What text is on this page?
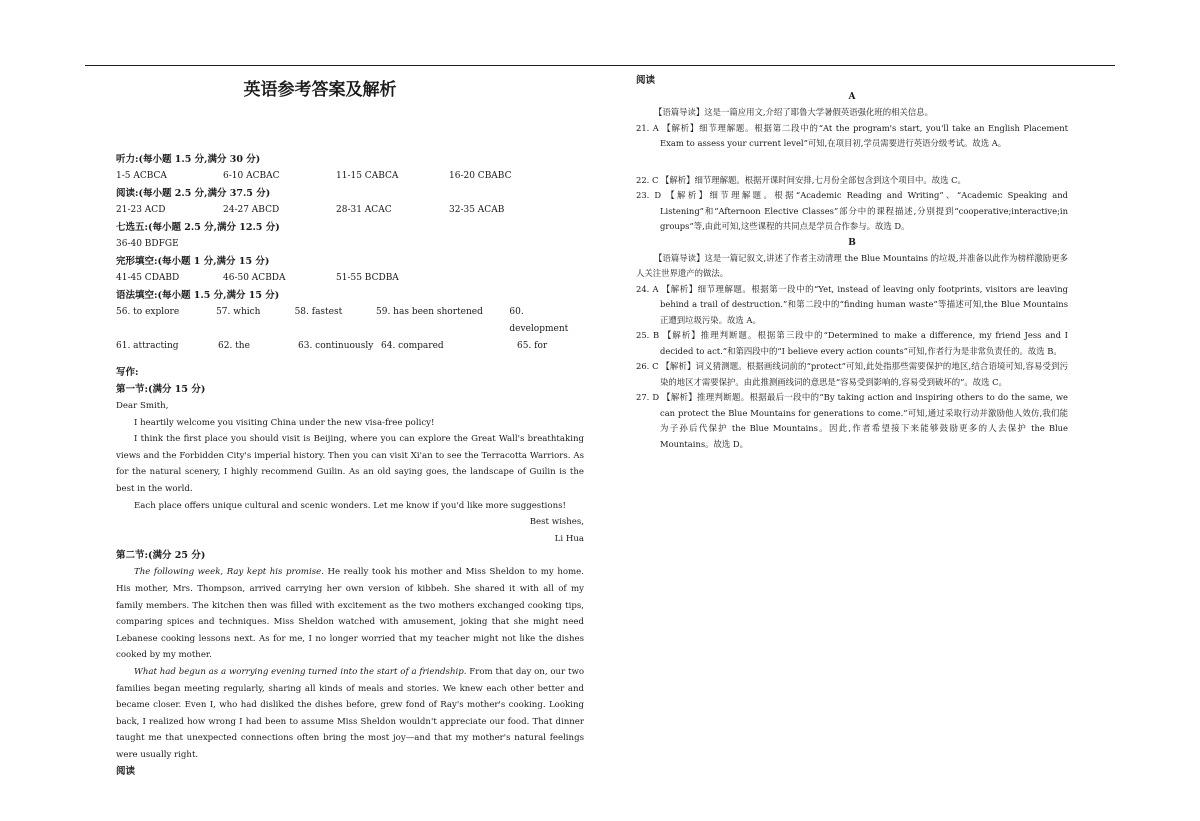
英语参考答案及解析
听力:(每小题 1.5 分,满分 30 分)
1-5 ACBCA	6-10 ACBAC	11-15 CABCA	16-20 CBABC
阅读:(每小题 2.5 分,满分 37.5 分)
21-23 ACD	24-27 ABCD	28-31 ACAC	32-35 ACAB
七选五:(每小题 2.5 分,满分 12.5 分)
36-40 BDFGE
完形填空:(每小题 1 分,满分 15 分)
41-45 CDABD	46-50 ACBDA	51-55 BCDBA
语法填空:(每小题 1.5 分,满分 15 分)
56. to explore	57. which	58. fastest	59. has been shortened	60. development
61. attracting	62. the	63. continuously 64. compared	65. for
写作:
第一节:(满分 15 分)
Dear Smith,
I heartily welcome you visiting China under the new visa-free policy!
I think the first place you should visit is Beijing, where you can explore the Great Wall's breathtaking views and the Forbidden City's imperial history. Then you can visit Xi'an to see the Terracotta Warriors. As for the natural scenery, I highly recommend Guilin. As an old saying goes, the landscape of Guilin is the best in the world.
Each place offers unique cultural and scenic wonders. Let me know if you'd like more suggestions!
Best wishes,
Li Hua
第二节:(满分 25 分)
The following week, Ray kept his promise. He really took his mother and Miss Sheldon to my home. His mother, Mrs. Thompson, arrived carrying her own version of kibbeh. She shared it with all of my family members. The kitchen then was filled with excitement as the two mothers exchanged cooking tips, comparing spices and techniques. Miss Sheldon watched with amusement, joking that she might need Lebanese cooking lessons next. As for me, I no longer worried that my teacher might not like the dishes cooked by my mother.
What had begun as a worrying evening turned into the start of a friendship. From that day on, our two families began meeting regularly, sharing all kinds of meals and stories. We knew each other better and became closer. Even I, who had disliked the dishes before, grew fond of Ray's mother's cooking. Looking back, I realized how wrong I had been to assume Miss Sheldon wouldn't appreciate our food. That dinner taught me that unexpected connections often bring the most joy—and that my mother's natural feelings were usually right.
阅读
阅读
A
【语篇导读】这是一篇应用文,介绍了耶鲁大学暑假英语强化班的相关信息。
21. A 【解析】细节理解题。根据第二段中的“At the program's start, you'll take an English Placement Exam to assess your current level”可知,在项目初,学员需要进行英语分级考试。故选 A。
22. C 【解析】细节理解题。根据开课时间安排,七月份全部包含到这个项目中。故选 C。
23. D 【解析】细节理解题。根据“Academic Reading and Writing”、“Academic Speaking and Listening”和“Afternoon Elective Classes”部分中的课程描述,分别提到“cooperative;interactive;in groups”等,由此可知,这些课程的共同点是学员合作参与。故选 D。
B
【语篇导读】这是一篇记叙文,讲述了作者主动清理 the Blue Mountains 的垃圾,并准备以此作为榜样激励更多人关注世界遗产的做法。
24. A 【解析】细节理解题。根据第一段中的“Yet, instead of leaving only footprints, visitors are leaving behind a trail of destruction.”和第二段中的“finding human waste”等描述可知,the Blue Mountains 正遭到垃圾污染。故选 A。
25. B 【解析】推理判断题。根据第三段中的“Determined to make a difference, my friend Jess and I decided to act.”和第四段中的“I believe every action counts”可知,作者行为是非常负责任的。故选 B。
26. C 【解析】词义猜测题。根据画线词前的“protect”可知,此处指那些需要保护的地区,结合语境可知,容易受到污染的地区才需要保护。由此推测画线词的意思是“容易受到影响的,容易受到破坏的”。故选 C。
27. D 【解析】推理判断题。根据最后一段中的“By taking action and inspiring others to do the same, we can protect the Blue Mountains for generations to come.”可知,通过采取行动并激励他人效仿,我们能为子孙后代保护 the Blue Mountains。因此,作者希望接下来能够鼓励更多的人去保护 the Blue Mountains。故选 D。
